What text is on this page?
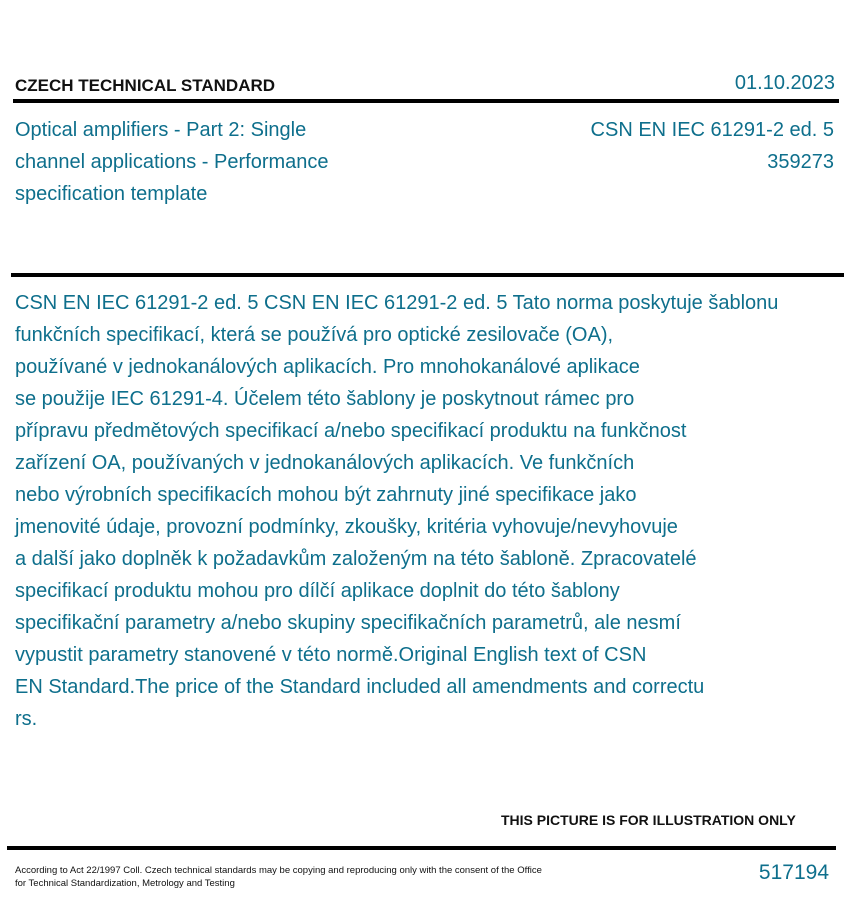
CZECH TECHNICAL STANDARD	01.10.2023
Optical amplifiers - Part 2: Single
channel applications - Performance
specification template
CSN EN IEC 61291-2 ed. 5
359273
CSN EN IEC 61291-2 ed. 5 CSN EN IEC 61291-2 ed. 5 Tato norma poskytuje šablonu
funkčních specifikací, která se používá pro optické zesilovače (OA),
používané v jednokanálových aplikacích. Pro mnohokanálové aplikace
se použije IEC 61291-4. Účelem této šablony je poskytnout rámec pro
přípravu předmětových specifikací a/nebo specifikací produktu na funkčnost
zařízení OA, používaných v jednokanálových aplikacích. Ve funkčních
nebo výrobních specifikacích mohou být zahrnuty jiné specifikace jako
jmenovité údaje, provozní podmínky, zkoušky, kritéria vyhovuje/nevyhovuje
a další jako doplněk k požadavkům založeným na této šabloně. Zpracovatelé
specifikací produktu mohou pro dílčí aplikace doplnit do této šablony
specifikační parametry a/nebo skupiny specifikačních parametrů, ale nesmí
vypustit parametry stanovené v této normě.Original English text of CSN
EN Standard.The price of the Standard included all amendments and correctu
rs.
THIS PICTURE IS FOR ILLUSTRATION ONLY
According to Act 22/1997 Coll. Czech technical standards may be copying and reproducing only with the consent of the Office
for Technical Standardization, Metrology and Testing	517194
